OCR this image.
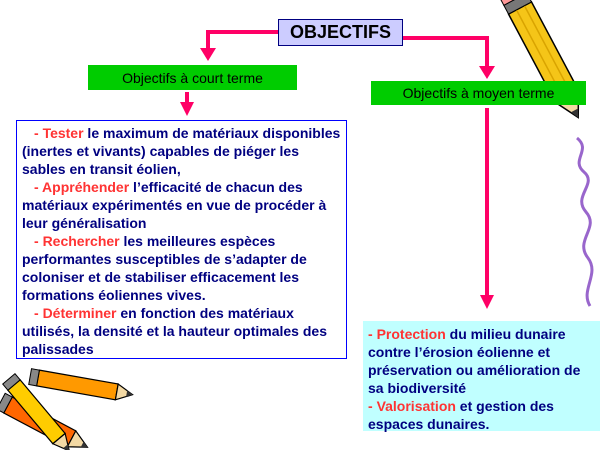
OBJECTIFS
Objectifs à court terme
Objectifs à moyen terme
- Tester le maximum de matériaux disponibles (inertes et vivants) capables de piéger les sables en transit éolien,
- Appréhender l’efficacité de chacun des matériaux expérimentés en vue de procéder à leur généralisation
- Rechercher les meilleures espèces performantes susceptibles de s’adapter de coloniser et de stabiliser efficacement les formations éoliennes vives.
- Déterminer en fonction des matériaux utilisés, la densité et la hauteur optimales des palissades
- Protection du milieu dunaire contre l’érosion éolienne et préservation ou amélioration de sa biodiversité
- Valorisation et gestion des espaces dunaires.
